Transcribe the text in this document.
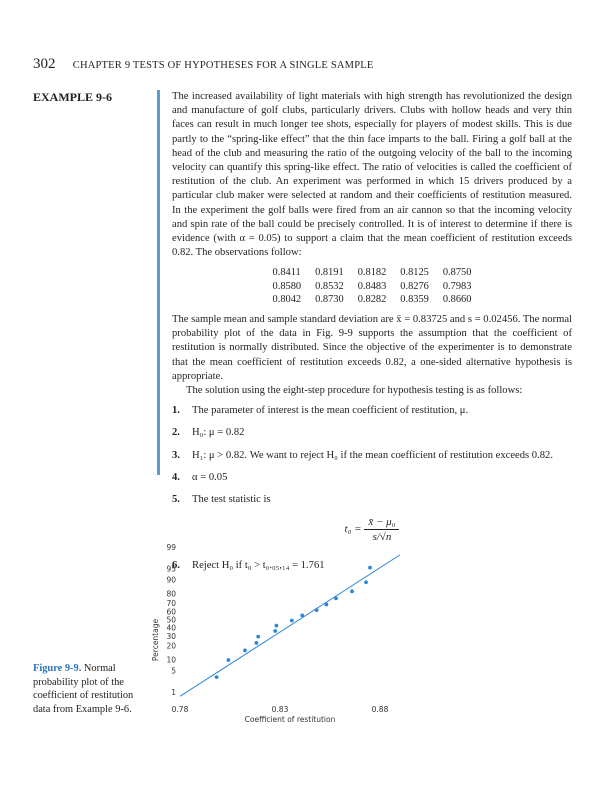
302 CHAPTER 9 TESTS OF HYPOTHESES FOR A SINGLE SAMPLE
EXAMPLE 9-6	The increased availability of light materials with high strength has revolutionized the design and manufacture of golf clubs, particularly drivers. Clubs with hollow heads and very thin faces can result in much longer tee shots, especially for players of modest skills. This is due partly to the “spring-like effect” that the thin face imparts to the ball. Firing a golf ball at the head of the club and measuring the ratio of the outgoing velocity of the ball to the incoming velocity can quantify this spring-like effect. The ratio of velocities is called the coefficient of restitution of the club. An experiment was performed in which 15 drivers produced by a particular club maker were selected at random and their coefficients of restitution measured. In the experiment the golf balls were fired from an air cannon so that the incoming velocity and spin rate of the ball could be precisely controlled. It is of interest to determine if there is evidence (with α = 0.05) to support a claim that the mean coefficient of restitution exceeds 0.82. The observations follow:

0.8411	0.8191	0.8182	0.8125	0.8750
0.8580	0.8532	0.8483	0.8276	0.7983
0.8042	0.8730	0.8282	0.8359	0.8660

The sample mean and sample standard deviation are x̄ = 0.83725 and s = 0.02456. The normal probability plot of the data in Fig. 9-9 supports the assumption that the coefficient of restitution is normally distributed. Since the objective of the experimenter is to demonstrate that the mean coefficient of restitution exceeds 0.82, a one-sided alternative hypothesis is appropriate.

The solution using the eight-step procedure for hypothesis testing is as follows:

1.	The parameter of interest is the mean coefficient of restitution, μ.
2.	H₀: μ = 0.82
3.	H₁: μ > 0.82. We want to reject H₀ if the mean coefficient of restitution exceeds 0.82.
4.	α = 0.05
5.	The test statistic is
$t_0 = \frac{\text{x̄ − μ₀}}{s/√n}$
6.	Reject H₀ if t₀ > t₀.₀₅,₁₄ = 1.761
1
5
10
20
30
40
50
60
70
80
90
95
99
0.78	0.83	0.88
Percentage
Coefficient of restitution
Figure 9-9. Normal probability plot of the coefficient of restitution data from Example 9-6.
